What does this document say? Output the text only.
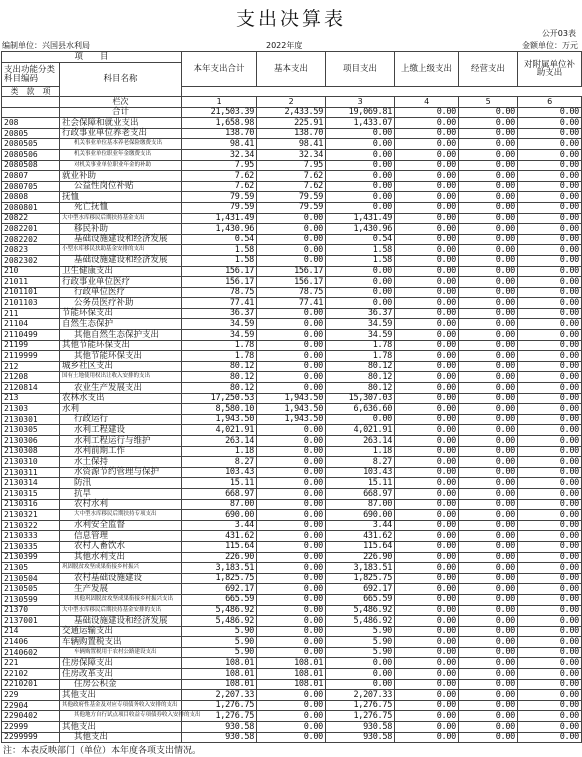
支出决算表
公开03表
编制单位：兴国县水利局	2022年度	金额单位：万元
项　　目		本年支出合计	基本支出	项目支出	上缴上级支出	经营支出	对附属单位补助支出
支出功能分类科目编码	科目名称						
类  款  项							
	栏次	1	2	3	4	5	6
	合计	21,503.39	2,433.59	19,069.81	0.00	0.00	0.00
208	社会保障和就业支出	1,658.98	225.91	1,433.07	0.00	0.00	0.00
20805	行政事业单位养老支出	138.70	138.70	0.00	0.00	0.00	0.00
2080505	机关事业单位基本养老保险缴费支出	98.41	98.41	0.00	0.00	0.00	0.00
2080506	机关事业单位职业年金缴费支出	32.34	32.34	0.00	0.00	0.00	0.00
2080508	对机关事业单位职业年金的补助	7.95	7.95	0.00	0.00	0.00	0.00
20807	就业补助	7.62	7.62	0.00	0.00	0.00	0.00
2080705	公益性岗位补贴	7.62	7.62	0.00	0.00	0.00	0.00
20808	抚恤	79.59	79.59	0.00	0.00	0.00	0.00
2080801	死亡抚恤	79.59	79.59	0.00	0.00	0.00	0.00
20822	大中型水库移民后期扶持基金支出	1,431.49	0.00	1,431.49	0.00	0.00	0.00
2082201	移民补助	1,430.96	0.00	1,430.96	0.00	0.00	0.00
2082202	基础设施建设和经济发展	0.54	0.00	0.54	0.00	0.00	0.00
20823	小型水库移民扶助基金安排的支出	1.58	0.00	1.58	0.00	0.00	0.00
2082302	基础设施建设和经济发展	1.58	0.00	1.58	0.00	0.00	0.00
210	卫生健康支出	156.17	156.17	0.00	0.00	0.00	0.00
21011	行政事业单位医疗	156.17	156.17	0.00	0.00	0.00	0.00
2101101	行政单位医疗	78.75	78.75	0.00	0.00	0.00	0.00
2101103	公务员医疗补助	77.41	77.41	0.00	0.00	0.00	0.00
211	节能环保支出	36.37	0.00	36.37	0.00	0.00	0.00
21104	自然生态保护	34.59	0.00	34.59	0.00	0.00	0.00
2110499	其他自然生态保护支出	34.59	0.00	34.59	0.00	0.00	0.00
21199	其他节能环保支出	1.78	0.00	1.78	0.00	0.00	0.00
2119999	其他节能环保支出	1.78	0.00	1.78	0.00	0.00	0.00
212	城乡社区支出	80.12	0.00	80.12	0.00	0.00	0.00
21208	国有土地使用权出让收入安排的支出	80.12	0.00	80.12	0.00	0.00	0.00
2120814	农业生产发展支出	80.12	0.00	80.12	0.00	0.00	0.00
213	农林水支出	17,250.53	1,943.50	15,307.03	0.00	0.00	0.00
21303	水利	8,580.10	1,943.50	6,636.60	0.00	0.00	0.00
2130301	行政运行	1,943.50	1,943.50	0.00	0.00	0.00	0.00
2130305	水利工程建设	4,021.91	0.00	4,021.91	0.00	0.00	0.00
2130306	水利工程运行与维护	263.14	0.00	263.14	0.00	0.00	0.00
2130308	水利前期工作	1.18	0.00	1.18	0.00	0.00	0.00
2130310	水土保持	8.27	0.00	8.27	0.00	0.00	0.00
2130311	水资源节约管理与保护	103.43	0.00	103.43	0.00	0.00	0.00
2130314	防汛	15.11	0.00	15.11	0.00	0.00	0.00
2130315	抗旱	668.97	0.00	668.97	0.00	0.00	0.00
2130316	农村水利	87.00	0.00	87.00	0.00	0.00	0.00
2130321	大中型水库移民后期扶持专项支出	690.00	0.00	690.00	0.00	0.00	0.00
2130322	水利安全监督	3.44	0.00	3.44	0.00	0.00	0.00
2130333	信息管理	431.62	0.00	431.62	0.00	0.00	0.00
2130335	农村人畜饮水	115.64	0.00	115.64	0.00	0.00	0.00
2130399	其他水利支出	226.90	0.00	226.90	0.00	0.00	0.00
21305	巩固脱贫攻坚成果衔接乡村振兴	3,183.51	0.00	3,183.51	0.00	0.00	0.00
2130504	农村基础设施建设	1,825.75	0.00	1,825.75	0.00	0.00	0.00
2130505	生产发展	692.17	0.00	692.17	0.00	0.00	0.00
2130599	其他巩固脱贫攻坚成果衔接乡村振兴支出	665.59	0.00	665.59	0.00	0.00	0.00
21370	大中型水库移民后期扶持基金安排的支出	5,486.92	0.00	5,486.92	0.00	0.00	0.00
2137001	基础设施建设和经济发展	5,486.92	0.00	5,486.92	0.00	0.00	0.00
214	交通运输支出	5.90	0.00	5.90	0.00	0.00	0.00
21406	车辆购置税支出	5.90	0.00	5.90	0.00	0.00	0.00
2140602	车辆购置税用于农村公路建设支出	5.90	0.00	5.90	0.00	0.00	0.00
221	住房保障支出	108.01	108.01	0.00	0.00	0.00	0.00
22102	住房改革支出	108.01	108.01	0.00	0.00	0.00	0.00
2210201	住房公积金	108.01	108.01	0.00	0.00	0.00	0.00
229	其他支出	2,207.33	0.00	2,207.33	0.00	0.00	0.00
22904	其他政府性基金及对应专项债务收入安排的支出	1,276.75	0.00	1,276.75	0.00	0.00	0.00
2290402	其他地方自行试点项目收益专项债券收入安排的支出	1,276.75	0.00	1,276.75	0.00	0.00	0.00
22999	其他支出	930.58	0.00	930.58	0.00	0.00	0.00
2299999	其他支出	930.58	0.00	930.58	0.00	0.00	0.00
注：本表反映部门（单位）本年度各项支出情况。
